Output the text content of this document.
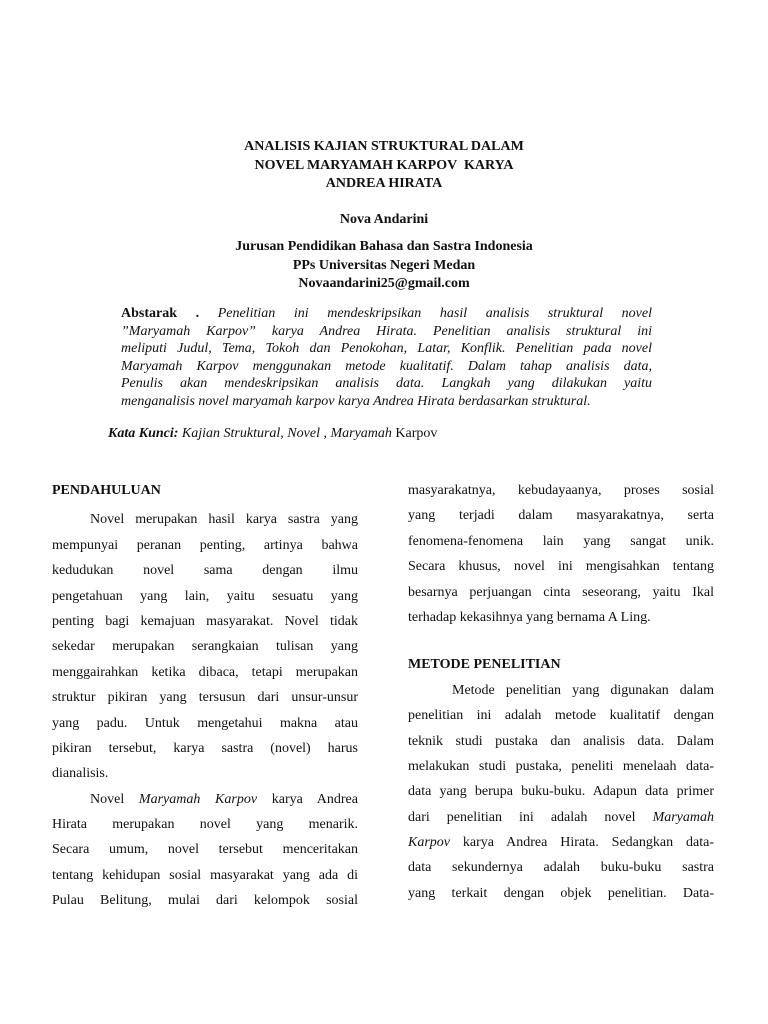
ANALISIS KAJIAN STRUKTURAL DALAM
NOVEL MARYAMAH KARPOV  KARYA
ANDREA HIRATA
Nova Andarini
Jurusan Pendidikan Bahasa dan Sastra Indonesia
PPs Universitas Negeri Medan
Novaandarini25@gmail.com

Abstarak . Penelitian ini mendeskripsikan hasil analisis struktural novel

”Maryamah Karpov” karya Andrea Hirata. Penelitian analisis struktural ini

meliputi Judul, Tema, Tokoh dan Penokohan, Latar, Konflik. Penelitian pada novel

Maryamah Karpov menggunakan metode kualitatif. Dalam tahap analisis data,

Penulis akan mendeskripsikan analisis data. Langkah yang dilakukan yaitu

menganalisis novel maryamah karpov karya Andrea Hirata berdasarkan struktural.

Kata Kunci: Kajian Struktural, Novel , Maryamah Karpov
PENDAHULUAN

Novel merupakan hasil karya sastra yang
mempunyai peranan penting, artinya bahwa
kedudukan novel sama dengan ilmu
pengetahuan yang lain, yaitu sesuatu yang
penting bagi kemajuan masyarakat. Novel tidak
sekedar merupakan serangkaian tulisan yang
menggairahkan ketika dibaca, tetapi merupakan
struktur pikiran yang tersusun dari unsur-unsur
yang padu. Untuk mengetahui makna atau
pikiran tersebut, karya sastra (novel) harus
dianalisis.

Novel Maryamah Karpov karya Andrea
Hirata merupakan novel yang menarik.
Secara umum, novel tersebut menceritakan
tentang kehidupan sosial masyarakat yang ada di
Pulau Belitung, mulai dari kelompok sosial

masyarakatnya, kebudayaanya, proses sosial
yang terjadi dalam masyarakatnya, serta
fenomena-fenomena lain yang sangat unik.
Secara khusus, novel ini mengisahkan tentang
besarnya perjuangan cinta seseorang, yaitu Ikal
terhadap kekasihnya yang bernama A Ling.

METODE PENELITIAN

Metode penelitian yang digunakan dalam
penelitian ini adalah metode kualitatif dengan
teknik studi pustaka dan analisis data. Dalam
melakukan studi pustaka, peneliti menelaah data-
data yang berupa buku-buku. Adapun data primer
dari penelitian ini adalah novel Maryamah
Karpov karya Andrea Hirata. Sedangkan data-
data sekundernya adalah buku-buku sastra
yang terkait dengan objek penelitian. Data-
